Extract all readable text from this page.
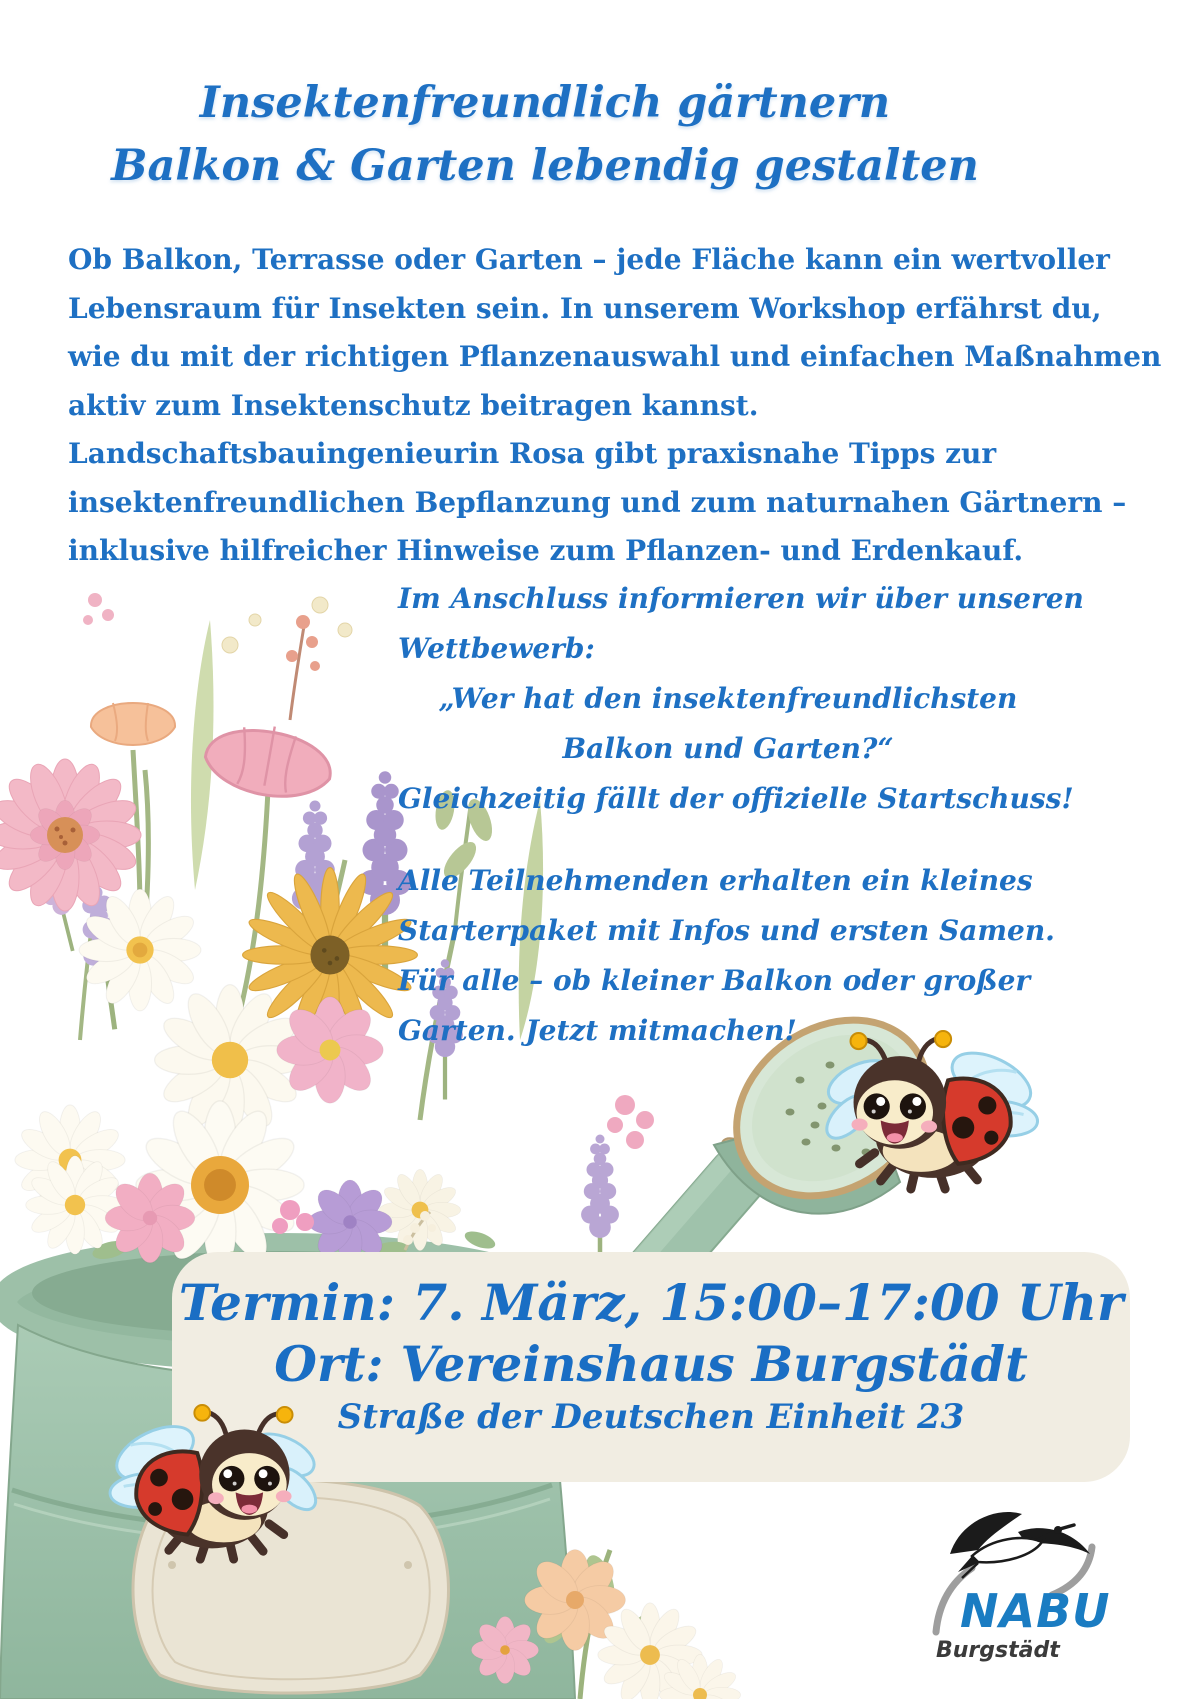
Insektenfreundlich gärtnern
Balkon & Garten lebendig gestalten
Ob Balkon, Terrasse oder Garten – jede Fläche kann ein wertvoller
Lebensraum für Insekten sein. In unserem Workshop erfährst du,
wie du mit der richtigen Pflanzenauswahl und einfachen Maßnahmen
aktiv zum Insektenschutz beitragen kannst.
Landschaftsbauingenieurin Rosa gibt praxisnahe Tipps zur
insektenfreundlichen Bepflanzung und zum naturnahen Gärtnern –
inklusive hilfreicher Hinweise zum Pflanzen- und Erdenkauf.
Im Anschluss informieren wir über unseren
Wettbewerb:
„Wer hat den insektenfreundlichsten
Balkon und Garten?“
Gleichzeitig fällt der offizielle Startschuss!
Alle Teilnehmenden erhalten ein kleines
Starterpaket mit Infos und ersten Samen.
Für alle – ob kleiner Balkon oder großer
Garten. Jetzt mitmachen!
Termin: 7. März, 15:00–17:00 Uhr
Ort: Vereinshaus Burgstädt
Straße der Deutschen Einheit 23
NABU
Burgstädt
